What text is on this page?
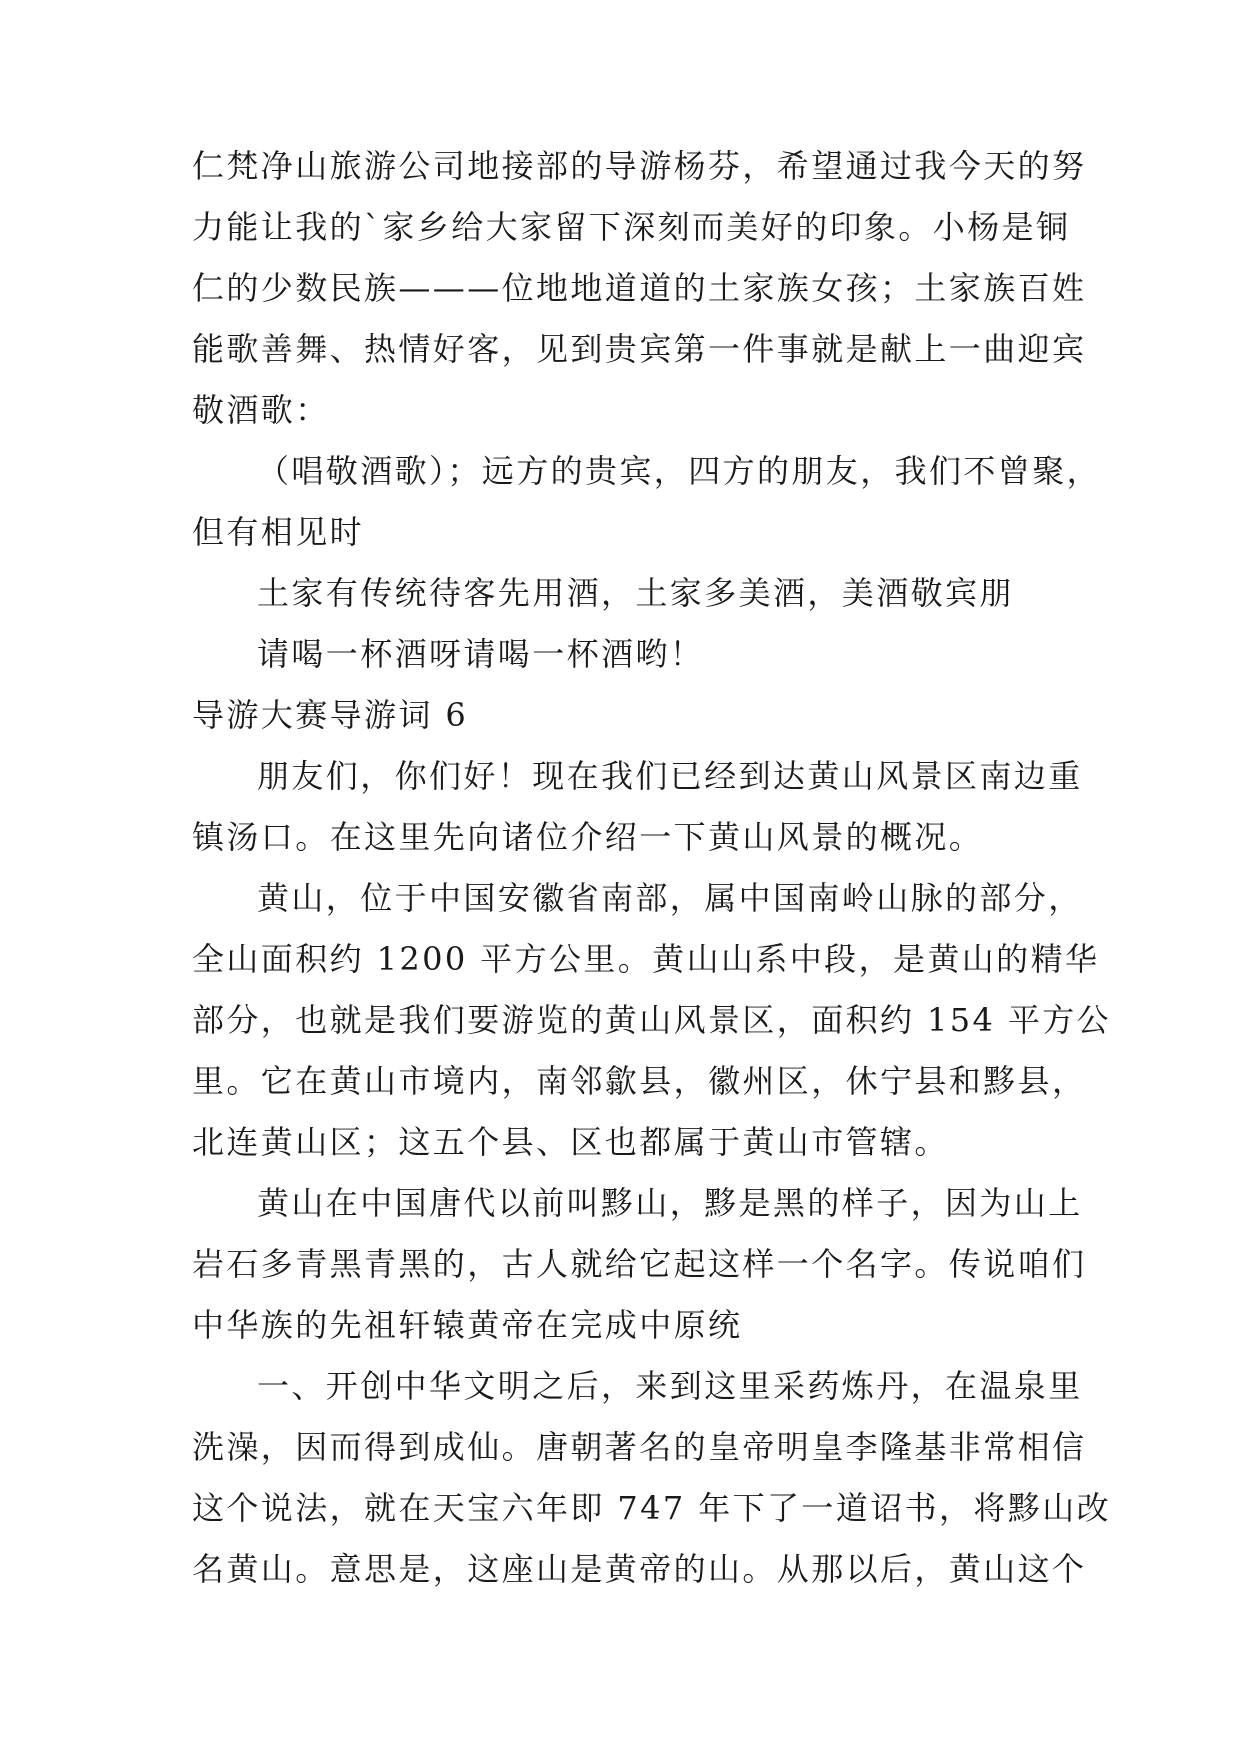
仁梵净山旅游公司地接部的导游杨芬，希望通过我今天的努
力能让我的`家乡给大家留下深刻而美好的印象。小杨是铜
仁的少数民族———位地地道道的土家族女孩；土家族百姓
能歌善舞、热情好客，见到贵宾第一件事就是献上一曲迎宾
敬酒歌：
（唱敬酒歌）；远方的贵宾，四方的朋友，我们不曾聚，
但有相见时
土家有传统待客先用酒，土家多美酒，美酒敬宾朋
请喝一杯酒呀请喝一杯酒哟！
导游大赛导游词 6
朋友们，你们好！现在我们已经到达黄山风景区南边重
镇汤口。在这里先向诸位介绍一下黄山风景的概况。
黄山，位于中国安徽省南部，属中国南岭山脉的部分，
全山面积约 1200 平方公里。黄山山系中段，是黄山的精华
部分，也就是我们要游览的黄山风景区，面积约 154 平方公
里。它在黄山市境内，南邻歙县，徽州区，休宁县和黟县，
北连黄山区；这五个县、区也都属于黄山市管辖。
黄山在中国唐代以前叫黟山，黟是黑的样子，因为山上
岩石多青黑青黑的，古人就给它起这样一个名字。传说咱们
中华族的先祖轩辕黄帝在完成中原统
一、开创中华文明之后，来到这里采药炼丹，在温泉里
洗澡，因而得到成仙。唐朝著名的皇帝明皇李隆基非常相信
这个说法，就在天宝六年即 747 年下了一道诏书，将黟山改
名黄山。意思是，这座山是黄帝的山。从那以后，黄山这个
